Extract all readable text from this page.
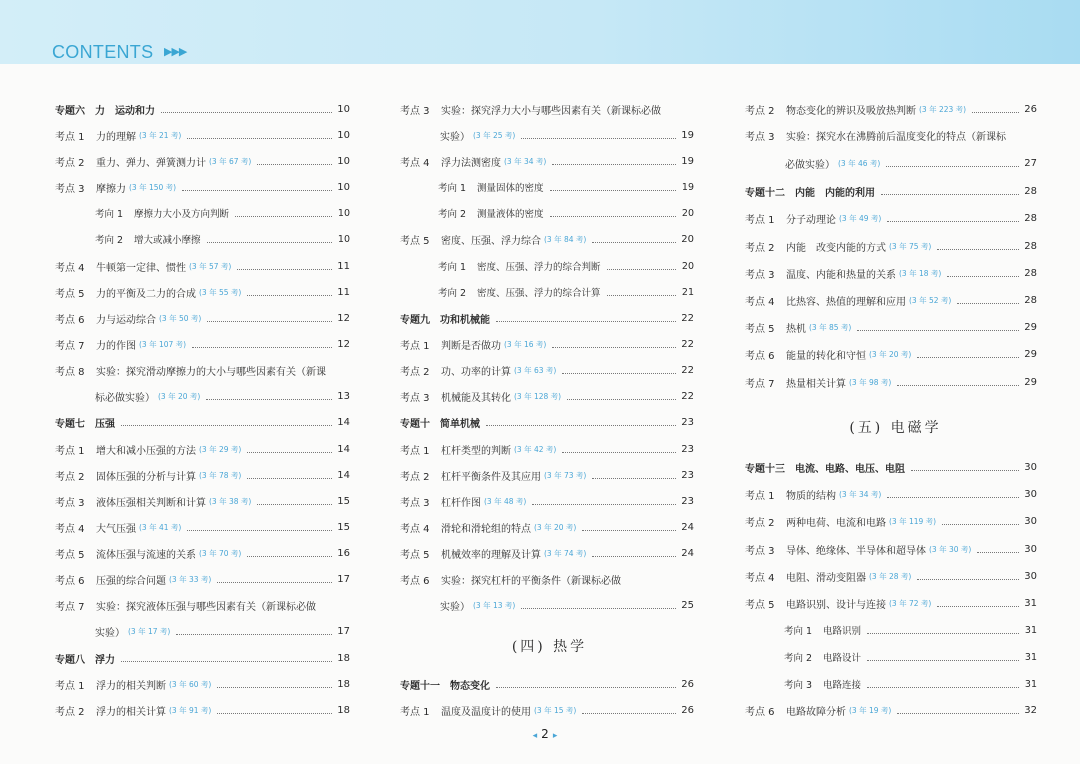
CONTENTS ▶▶▶
专题六　力　运动和力	10
考点 1	力的理解 (3 年 21 考)	10
考点 2	重力、弹力、弹簧测力计 (3 年 67 考)	10
考点 3	摩擦力 (3 年 150 考)	10
考向 1	摩擦力大小及方向判断	10
考向 2	增大或减小摩擦	10
考点 4	牛顿第一定律、惯性 (3 年 57 考)	11
考点 5	力的平衡及二力的合成 (3 年 55 考)	11
考点 6	力与运动综合 (3 年 50 考)	12
考点 7	力的作图 (3 年 107 考)	12
考点 8	实验：探究滑动摩擦力的大小与哪些因素有关（新课
标必做实验） (3 年 20 考)	13
专题七　压强	14
考点 1	增大和减小压强的方法 (3 年 29 考)	14
考点 2	固体压强的分析与计算 (3 年 78 考)	14
考点 3	液体压强相关判断和计算 (3 年 38 考)	15
考点 4	大气压强 (3 年 41 考)	15
考点 5	流体压强与流速的关系 (3 年 70 考)	16
考点 6	压强的综合问题 (3 年 33 考)	17
考点 7	实验：探究液体压强与哪些因素有关（新课标必做
实验） (3 年 17 考)	17
专题八　浮力	18
考点 1	浮力的相关判断 (3 年 60 考)	18
考点 2	浮力的相关计算 (3 年 91 考)	18
考点 3	实验：探究浮力大小与哪些因素有关（新课标必做
实验） (3 年 25 考)	19
考点 4	浮力法测密度 (3 年 34 考)	19
考向 1	测量固体的密度	19
考向 2	测量液体的密度	20
考点 5	密度、压强、浮力综合 (3 年 84 考)	20
考向 1	密度、压强、浮力的综合判断	20
考向 2	密度、压强、浮力的综合计算	21
专题九　功和机械能	22
考点 1	判断是否做功 (3 年 16 考)	22
考点 2	功、功率的计算 (3 年 63 考)	22
考点 3	机械能及其转化 (3 年 128 考)	22
专题十　简单机械	23
考点 1	杠杆类型的判断 (3 年 42 考)	23
考点 2	杠杆平衡条件及其应用 (3 年 73 考)	23
考点 3	杠杆作图 (3 年 48 考)	23
考点 4	滑轮和滑轮组的特点 (3 年 20 考)	24
考点 5	机械效率的理解及计算 (3 年 74 考)	24
考点 6	实验：探究杠杆的平衡条件（新课标必做
实验） (3 年 13 考)	25
专题十一　物态变化	26
考点 1	温度及温度计的使用 (3 年 15 考)	26
考点 2	物态变化的辨识及吸放热判断 (3 年 223 考)	26
考点 3	实验：探究水在沸腾前后温度变化的特点（新课标
必做实验） (3 年 46 考)	27
专题十二　内能　内能的利用	28
考点 1	分子动理论 (3 年 49 考)	28
考点 2	内能　改变内能的方式 (3 年 75 考)	28
考点 3	温度、内能和热量的关系 (3 年 18 考)	28
考点 4	比热容、热值的理解和应用 (3 年 52 考)	28
考点 5	热机 (3 年 85 考)	29
考点 6	能量的转化和守恒 (3 年 20 考)	29
考点 7	热量相关计算 (3 年 98 考)	29
专题十三　电流、电路、电压、电阻	30
考点 1	物质的结构 (3 年 34 考)	30
考点 2	两种电荷、电流和电路 (3 年 119 考)	30
考点 3	导体、绝缘体、半导体和超导体 (3 年 30 考)	30
考点 4	电阻、滑动变阻器 (3 年 28 考)	30
考点 5	电路识别、设计与连接 (3 年 72 考)	31
考向 1	电路识别	31
考向 2	电路设计	31
考向 3	电路连接	31
考点 6	电路故障分析 (3 年 19 考)	32
(四) 热学
(五) 电磁学
◂ 2 ▸
